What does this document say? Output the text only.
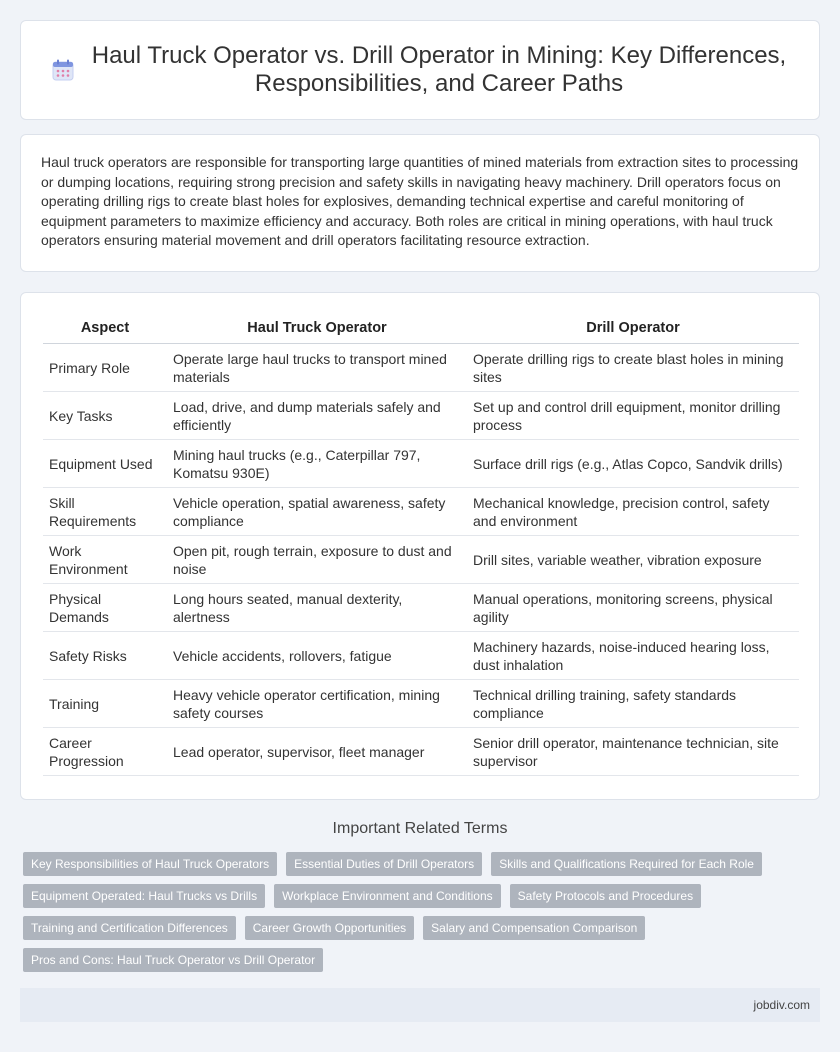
Haul Truck Operator vs. Drill Operator in Mining: Key Differences, Responsibilities, and Career Paths

Haul truck operators are responsible for transporting large quantities of mined materials from extraction sites to processing or dumping locations, requiring strong precision and safety skills in navigating heavy machinery. Drill operators focus on operating drilling rigs to create blast holes for explosives, demanding technical expertise and careful monitoring of equipment parameters to maximize efficiency and accuracy. Both roles are critical in mining operations, with haul truck operators ensuring material movement and drill operators facilitating resource extraction.

Aspect	Haul Truck Operator	Drill Operator
Primary Role	Operate large haul trucks to transport mined materials	Operate drilling rigs to create blast holes in mining sites
Key Tasks	Load, drive, and dump materials safely and efficiently	Set up and control drill equipment, monitor drilling process
Equipment Used	Mining haul trucks (e.g., Caterpillar 797, Komatsu 930E)	Surface drill rigs (e.g., Atlas Copco, Sandvik drills)
Skill Requirements	Vehicle operation, spatial awareness, safety compliance	Mechanical knowledge, precision control, safety and environment
Work Environment	Open pit, rough terrain, exposure to dust and noise	Drill sites, variable weather, vibration exposure
Physical Demands	Long hours seated, manual dexterity, alertness	Manual operations, monitoring screens, physical agility
Safety Risks	Vehicle accidents, rollovers, fatigue	Machinery hazards, noise-induced hearing loss, dust inhalation
Training	Heavy vehicle operator certification, mining safety courses	Technical drilling training, safety standards compliance
Career Progression	Lead operator, supervisor, fleet manager	Senior drill operator, maintenance technician, site supervisor
Important Related Terms
Key Responsibilities of Haul Truck Operators	Essential Duties of Drill Operators	Skills and Qualifications Required for Each Role
Equipment Operated: Haul Trucks vs Drills	Workplace Environment and Conditions	Safety Protocols and Procedures
Training and Certification Differences	Career Growth Opportunities	Salary and Compensation Comparison
Pros and Cons: Haul Truck Operator vs Drill Operator
jobdiv.com
